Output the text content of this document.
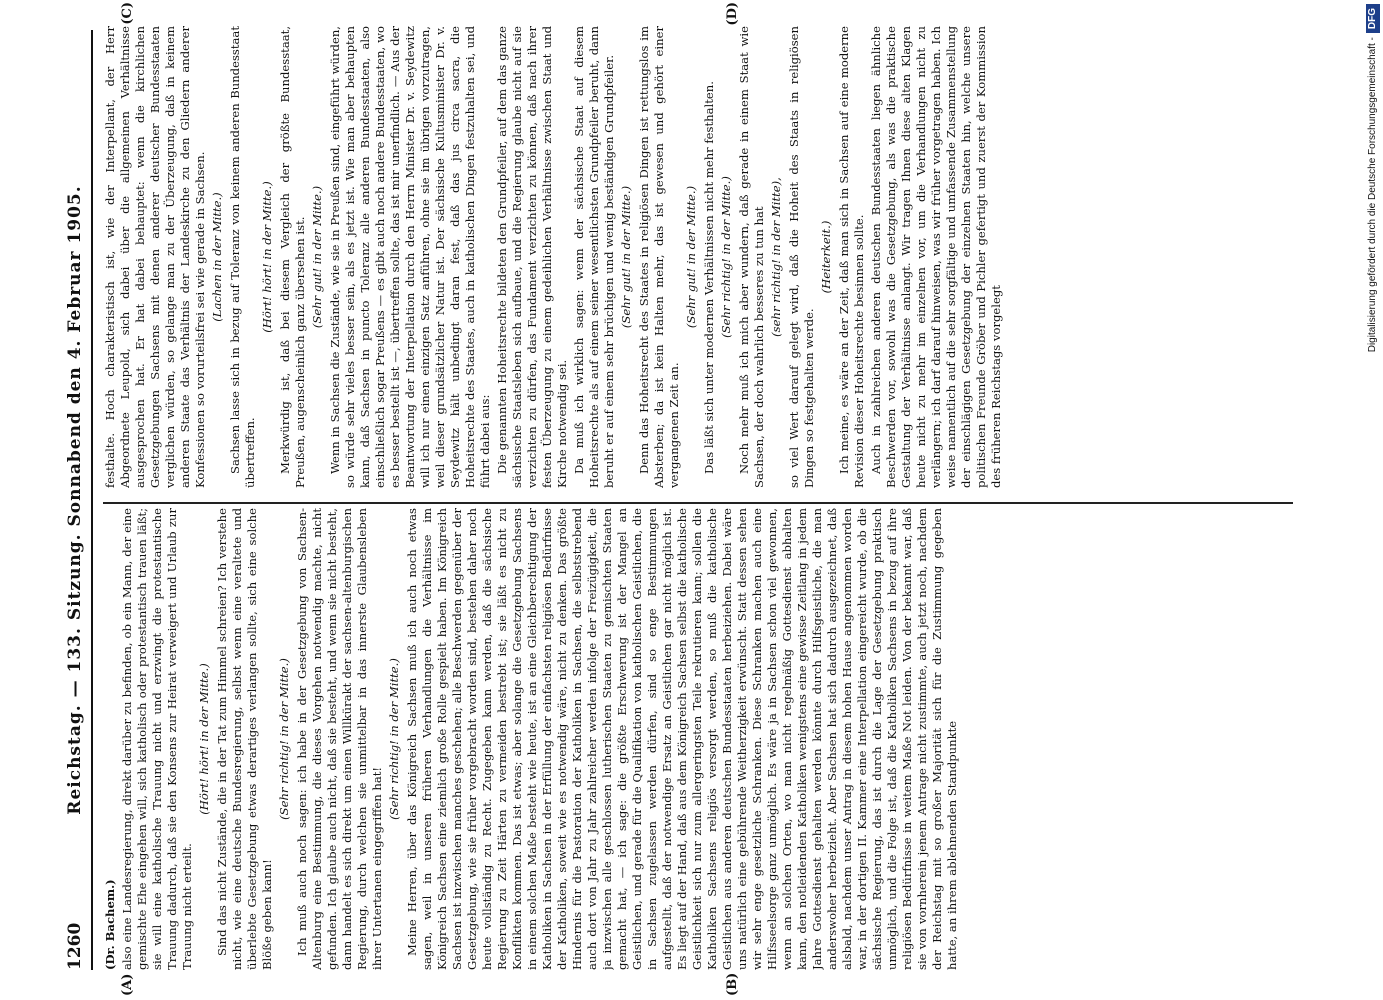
1260
Reichstag. — 133. Sitzung. Sonnabend den 4. Februar 1905.
(A)	(B)
(C)	(D)

(Dr. Bachem.) also eine Landesregierung, direkt darüber zu befinden, ob ein Mann, der eine gemischte Ehe eingehen will, sich katholisch oder protestantisch trauen läßt; sie will eine katholische Trauung nicht und erzwingt die protestantische Trauung dadurch, daß sie den Konsens zur Heirat verweigert und Urlaub zur Trauung nicht erteilt.

(Hört! hört! in der Mitte.) Sind das nicht Zustände, die in der Tat zum Himmel schreien? Ich verstehe nicht, wie eine deutsche Bundesregierung, selbst wenn eine veraltete und überlebte Gesetzgebung etwas derartiges verlangen sollte, sich eine solche Blöße geben kann!

(Sehr richtig! in der Mitte.) Ich muß auch noch sagen: ich habe in der Gesetzgebung von Sachsen-Altenburg eine Bestimmung, die dieses Vorgehen notwendig machte, nicht gefunden. Ich glaube auch nicht, daß sie besteht, und wenn sie nicht besteht, dann handelt es sich direkt um einen Willkürakt der sachsen-altenburgischen Regierung, durch welchen sie unmittelbar in das innerste Glaubensleben ihrer Untertanen eingegriffen hat!

(Sehr richtig! in der Mitte.) Meine Herren, über das Königreich Sachsen muß ich auch noch etwas sagen, weil in unseren früheren Verhandlungen die Verhältnisse im Königreich Sachsen eine ziemlich große Rolle gespielt haben. Im Königreich Sachsen ist inzwischen manches geschehen; alle Beschwerden gegenüber der Gesetzgebung, wie sie früher vorgebracht worden sind, bestehen daher noch heute vollständig zu Recht. Zugegeben kann werden, daß die sächsische Regierung zu Zeit Härten zu vermeiden bestrebt ist; sie läßt es nicht zu Konflikten kommen. Das ist etwas; aber solange die Gesetzgebung Sachsens in einem solchen Maße besteht wie heute, ist an eine Gleichberechtigung der Katholiken in Sachsen in der Erfüllung der einfachsten religiösen Bedürfnisse der Katholiken, soweit wie es notwendig wäre, nicht zu denken. Das größte Hindernis für die Pastoration der Katholiken in Sachsen, die selbststrebend auch dort von Jahr zu Jahr zahlreicher werden infolge der Freizügigkeit, die ja inzwischen alle geschlossen lutherischen Staaten zu gemischten Staaten gemacht hat, — ich sage: die größte Erschwerung ist der Mangel an Geistlichen, und gerade für die Qualifikation von katholischen Geistlichen, die in Sachsen zugelassen werden dürfen, sind so enge Bestimmungen aufgestellt, daß der notwendige Ersatz an Geistlichen gar nicht möglich ist. Es liegt auf der Hand, daß aus dem Königreich Sachsen selbst die katholische Geistlichkeit sich nur zum allergeringsten Teile rekrutieren kann; sollen die Katholiken Sachsens religiös versorgt werden, so muß die katholische Geistlichen aus anderen deutschen Bundesstaaten herbeiziehen. Dabei wäre uns natürlich eine gebührende Weitherzigkeit erwünscht. Statt dessen sehen wir sehr enge gesetzliche Schranken. Diese Schranken machen auch eine Hilfsseelsorge ganz unmöglich. Es wäre ja in Sachsen schon viel gewonnen, wenn an solchen Orten, wo man nicht regelmäßig Gottesdienst abhalten kann, den notleidenden Katholiken wenigstens eine gewisse Zeitlang in jedem Jahre Gottesdienst gehalten werden könnte durch Hilfsgeistliche, die man anderswoher herbeizieht. Aber Sachsen hat sich dadurch ausgezeichnet, daß alsbald, nachdem unser Antrag in diesem hohen Hause angenommen worden war, in der dortigen II. Kammer eine Interpellation eingereicht wurde, ob die sächsische Regierung, das ist durch die Lage der Gesetzgebung praktisch unmöglich, und die Folge ist, daß die Katholiken Sachsens in bezug auf ihre religiösen Bedürfnisse in weitem Maße Not leiden. Von der bekannt war, daß sie von vornherein jenem Antrage nicht zustimmte, auch jetzt noch, nachdem der Reichstag mit so großer Majorität sich für die Zustimmung gegeben hatte, an ihrem ablehnenden Standpunkte

festhalte. Hoch charakteristisch ist, wie der Interpellant, der Herr Abgeordnete Leupold, sich dabei über die allgemeinen Verhältnisse ausgesprochen hat. Er hat dabei behauptet: wenn die kirchlichen Gesetzgebungen Sachsens mit denen anderer deutscher Bundesstaaten verglichen würden, so gelange man zu der Überzeugung, daß in keinem anderen Staate das Verhältnis der Landeskirche zu den Gliedern anderer Konfessionen so vorurteilsfrei sei wie gerade in Sachsen. (Lachen in der Mitte.) Sachsen lasse sich in bezug auf Toleranz von keinem anderen Bundesstaat übertreffen.

(Hört! hört! in der Mitte.) Merkwürdig ist, daß bei diesem Vergleich der größte Bundesstaat, Preußen, augenscheinlich ganz übersehen ist. (Sehr gut! in der Mitte.) Wenn in Sachsen die Zustände, wie sie in Preußen sind, eingeführt würden, so würde sehr vieles besser sein, als es jetzt ist. Wie man aber behaupten kann, daß Sachsen in puncto Toleranz alle anderen Bundesstaaten, also einschließlich sogar Preußens — es gibt auch noch andere Bundesstaaten, wo es besser bestellt ist —, übertreffen sollte, das ist mir unerfindlich. — Aus der Beantwortung der Interpellation durch den Herrn Minister Dr. v. Seydewitz will ich nur einen einzigen Satz anführen, ohne sie im übrigen vorzutragen, weil dieser grundsätzlicher Natur ist. Der sächsische Kultusminister Dr. v. Seydewitz hält unbedingt daran fest, daß das jus circa sacra, die Hoheitsrechte des Staates, auch in katholischen Dingen festzuhalten sei, und führt dabei aus: Die genannten Hoheitsrechte bildeten den Grundpfeiler, auf dem das ganze sächsische Staatsleben sich aufbaue, und die Regierung glaube nicht auf sie verzichten zu dürfen, das Fundament verzichten zu können, daß nach ihrer festen Überzeugung zu einem gedeihlichen Verhältnisse zwischen Staat und Kirche notwendig sei. Da muß ich wirklich sagen: wenn der sächsische Staat auf diesem Hoheitsrechte als auf einem seiner wesentlichsten Grundpfeiler beruht, dann beruht er auf einem sehr brüchigen und wenig beständigen Grundpfeiler. (Sehr gut! in der Mitte.) Denn das Hoheitsrecht des Staates in religiösen Dingen ist rettungslos im Absterben; da ist kein Halten mehr, das ist gewesen und gehört einer vergangenen Zeit an.

(Sehr gut! in der Mitte.) Das läßt sich unter modernen Verhältnissen nicht mehr festhalten. (Sehr richtig! in der Mitte.) Noch mehr muß ich mich aber wundern, daß gerade in einem Staat wie Sachsen, der doch wahrlich besseres zu tun hat (sehr richtig! in der Mitte), so viel Wert darauf gelegt wird, daß die Hoheit des Staats in religiösen Dingen so festgehalten werde.

(Heiterkeit.) Ich meine, es wäre an der Zeit, daß man sich in Sachsen auf eine moderne Revision dieser Hoheitsrechte besinnen sollte. Auch in zahlreichen anderen deutschen Bundesstaaten liegen ähnliche Beschwerden vor, sowohl was die Gesetzgebung, als was die praktische Gestaltung der Verhältnisse anlangt. Wir tragen Ihnen diese alten Klagen heute nicht zu mehr im einzelnen vor, um die Verhandlungen nicht zu verlängern; ich darf darauf hinweisen, was wir früher vorgetragen haben. Ich weise namentlich auf die sehr sorgfältige und umfassende Zusammenstellung der einschlägigen Gesetzgebung der einzelnen Staaten hin, welche unsere politischen Freunde Gröber und Pichler gefertigt und zuerst der Kommission des früheren Reichstags vorgelegt

Digitalisierung gefördert durch die Deutsche Forschungsgemeinschaft -DFG
